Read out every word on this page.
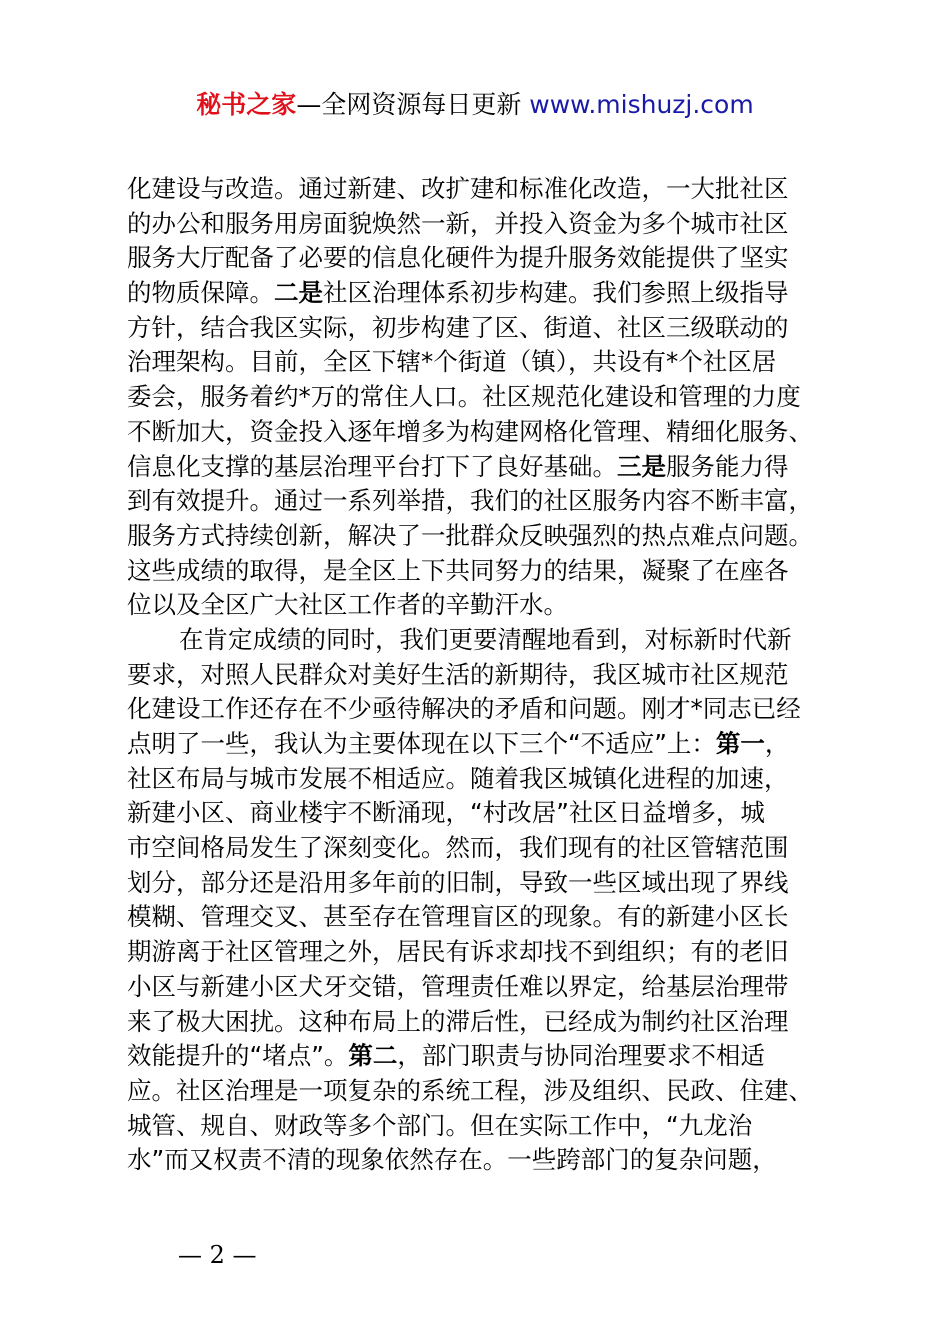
秘书之家—全网资源每日更新 www.mishuzj.com
化建设与改造。通过新建、改扩建和标准化改造，一大批社区
的办公和服务用房面貌焕然一新，并投入资金为多个城市社区
服务大厅配备了必要的信息化硬件为提升服务效能提供了坚实
的物质保障。二是社区治理体系初步构建。我们参照上级指导
方针，结合我区实际，初步构建了区、街道、社区三级联动的
治理架构。目前，全区下辖*个街道（镇），共设有*个社区居
委会，服务着约*万的常住人口。社区规范化建设和管理的力度
不断加大，资金投入逐年增多为构建网格化管理、精细化服务、
信息化支撑的基层治理平台打下了良好基础。三是服务能力得
到有效提升。通过一系列举措，我们的社区服务内容不断丰富，
服务方式持续创新，解决了一批群众反映强烈的热点难点问题。
这些成绩的取得，是全区上下共同努力的结果，凝聚了在座各
位以及全区广大社区工作者的辛勤汗水。
在肯定成绩的同时，我们更要清醒地看到，对标新时代新
要求，对照人民群众对美好生活的新期待，我区城市社区规范
化建设工作还存在不少亟待解决的矛盾和问题。刚才*同志已经
点明了一些，我认为主要体现在以下三个“不适应”上：第一，
社区布局与城市发展不相适应。随着我区城镇化进程的加速，
新建小区、商业楼宇不断涌现，“村改居”社区日益增多，城
市空间格局发生了深刻变化。然而，我们现有的社区管辖范围
划分，部分还是沿用多年前的旧制，导致一些区域出现了界线
模糊、管理交叉、甚至存在管理盲区的现象。有的新建小区长
期游离于社区管理之外，居民有诉求却找不到组织；有的老旧
小区与新建小区犬牙交错，管理责任难以界定，给基层治理带
来了极大困扰。这种布局上的滞后性，已经成为制约社区治理
效能提升的“堵点”。第二，部门职责与协同治理要求不相适
应。社区治理是一项复杂的系统工程，涉及组织、民政、住建、
城管、规自、财政等多个部门。但在实际工作中，“九龙治
水”而又权责不清的现象依然存在。一些跨部门的复杂问题，
— 2 —
